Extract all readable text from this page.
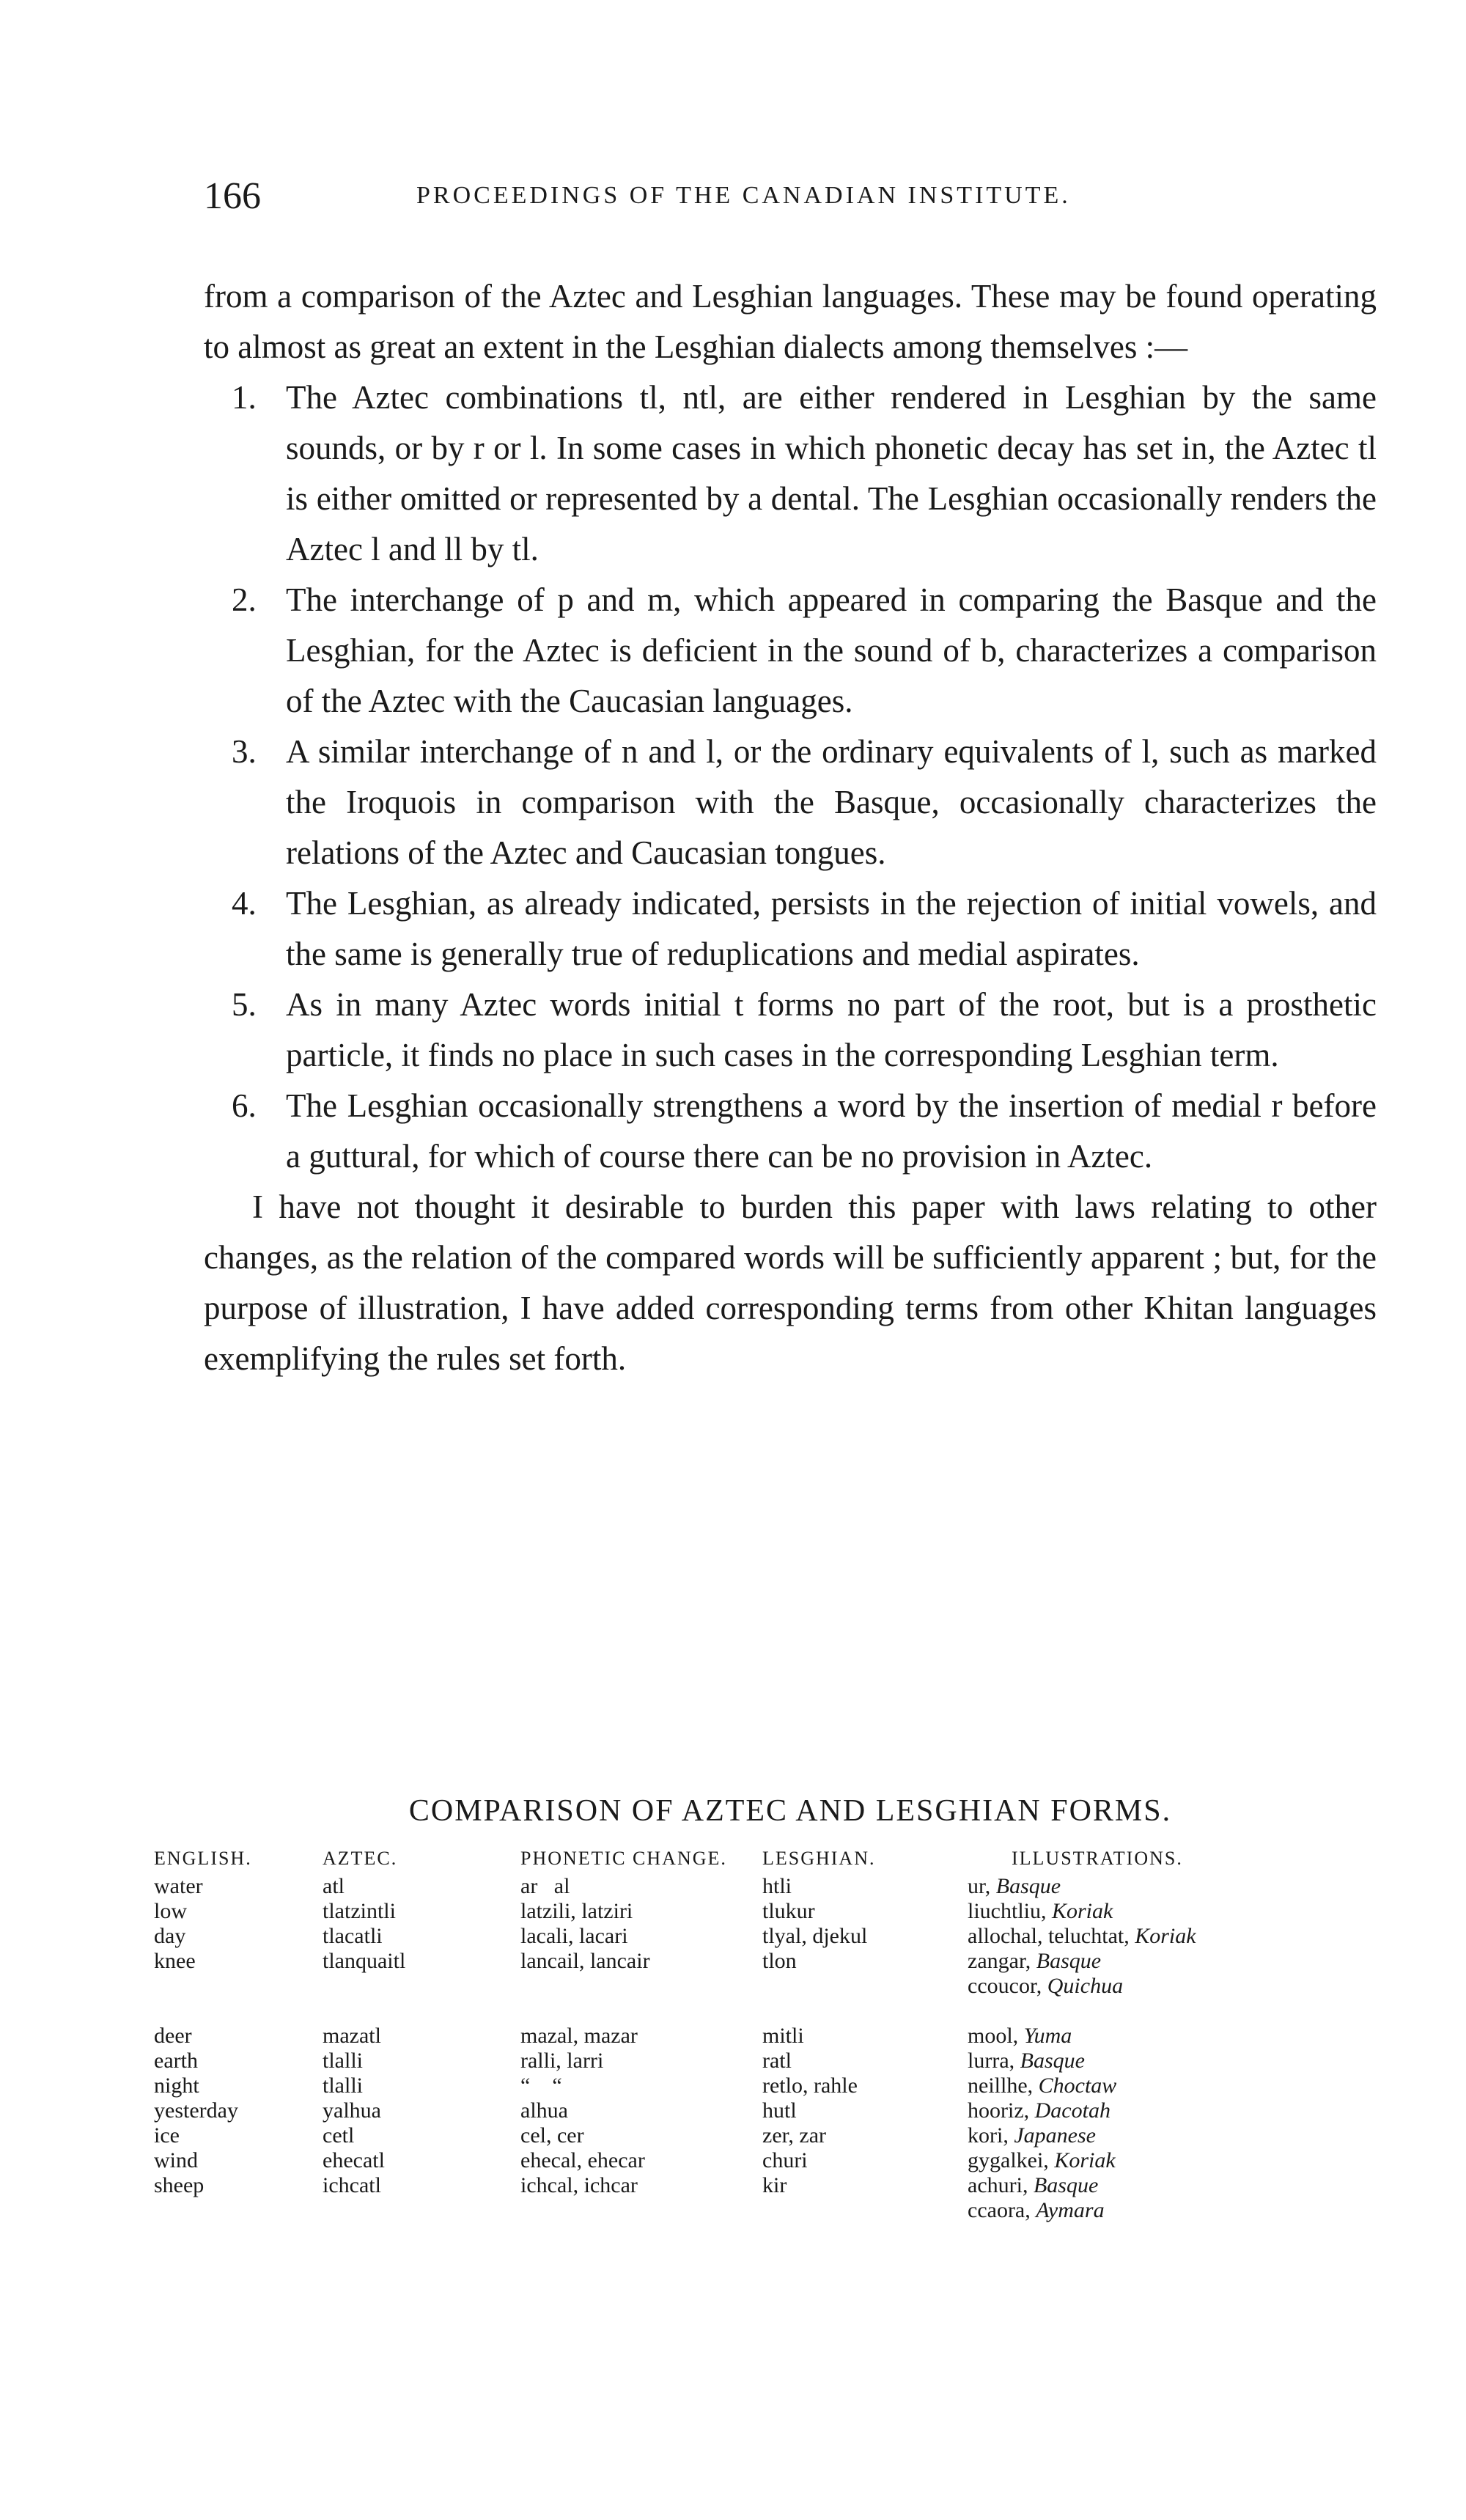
166	PROCEEDINGS OF THE CANADIAN INSTITUTE.

from a comparison of the Aztec and Lesghian languages. These may be found operating to almost as great an extent in the Lesghian dialects among themselves :—

1. The Aztec combinations tl, ntl, are either rendered in Lesghian by the same sounds, or by r or l. In some cases in which phonetic decay has set in, the Aztec tl is either omitted or represented by a dental. The Lesghian occasionally renders the Aztec l and ll by tl.
2. The interchange of p and m, which appeared in comparing the Basque and the Lesghian, for the Aztec is deficient in the sound of b, characterizes a comparison of the Aztec with the Caucasian languages.
3. A similar interchange of n and l, or the ordinary equivalents of l, such as marked the Iroquois in comparison with the Basque, occasionally characterizes the relations of the Aztec and Caucasian tongues.
4. The Lesghian, as already indicated, persists in the rejection of initial vowels, and the same is generally true of reduplications and medial aspirates.
5. As in many Aztec words initial t forms no part of the root, but is a prosthetic particle, it finds no place in such cases in the corresponding Lesghian term.
6. The Lesghian occasionally strengthens a word by the insertion of medial r before a guttural, for which of course there can be no provision in Aztec.

I have not thought it desirable to burden this paper with laws relating to other changes, as the relation of the compared words will be sufficiently apparent ; but, for the purpose of illustration, I have added corresponding terms from other Khitan languages exemplifying the rules set forth.

COMPARISON OF AZTEC AND LESGHIAN FORMS.
ENGLISH.	AZTEC.	PHONETIC CHANGE.	LESGHIAN.	ILLUSTRATIONS.
water	atl	ar   al	htli	ur, Basque

low	tlatzintli	latzili, latziri	tlukur	liuchtliu, Koriak

day	tlacatli	lacali, lacari	tlyal, djekul	allochal, teluchtat, Koriak

knee	tlanquaitl	lancail, lancair	tlon	zangar, Basque
ccoucor, Quichua

deer	mazatl	mazal, mazar	mitli	mool, Yuma

earth	tlalli	ralli, larri	ratl	lurra, Basque

night	tlalli	“    “	retlo, rahle	neillhe, Choctaw

yesterday	yalhua	alhua	hutl	hooriz, Dacotah

ice	cetl	cel, cer	zer, zar	kori, Japanese

wind	ehecatl	ehecal, ehecar	churi	gygalkei, Koriak

sheep	ichcatl	ichcal, ichcar	kir	achuri, Basque
ccaora, Aymara
